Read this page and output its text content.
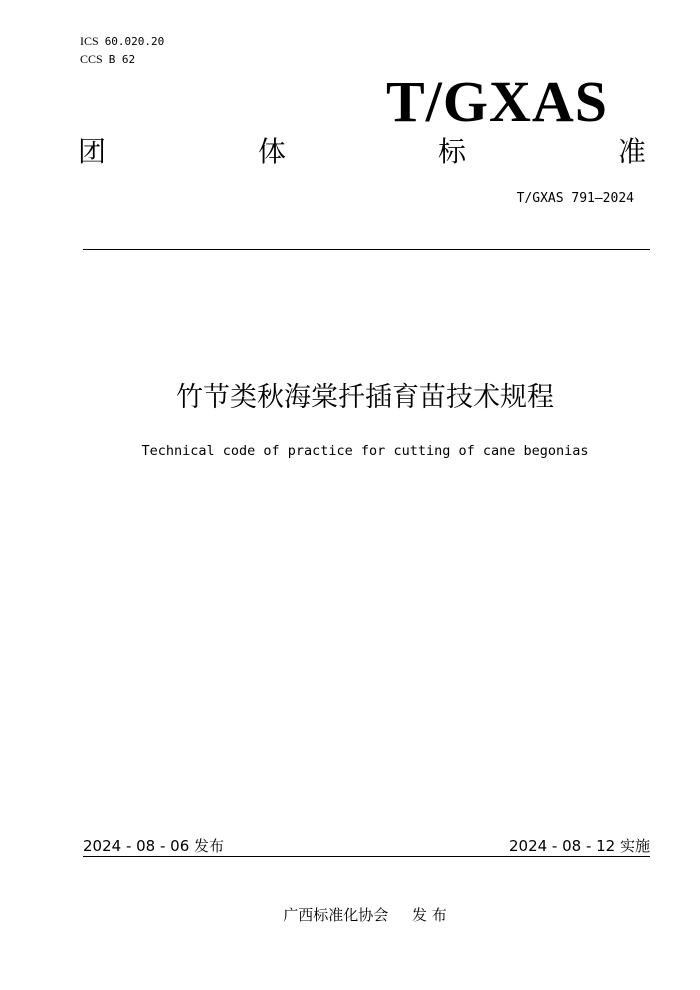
ICS 60.020.20
CCS B 62
T/GXAS
团	体	标	准
T/GXAS 791—2024
竹节类秋海棠扦插育苗技术规程
Technical code of practice for cutting of cane begonias
2024 - 08 - 06 发布	2024 - 08 - 12 实施
广西标准化协会     发 布
